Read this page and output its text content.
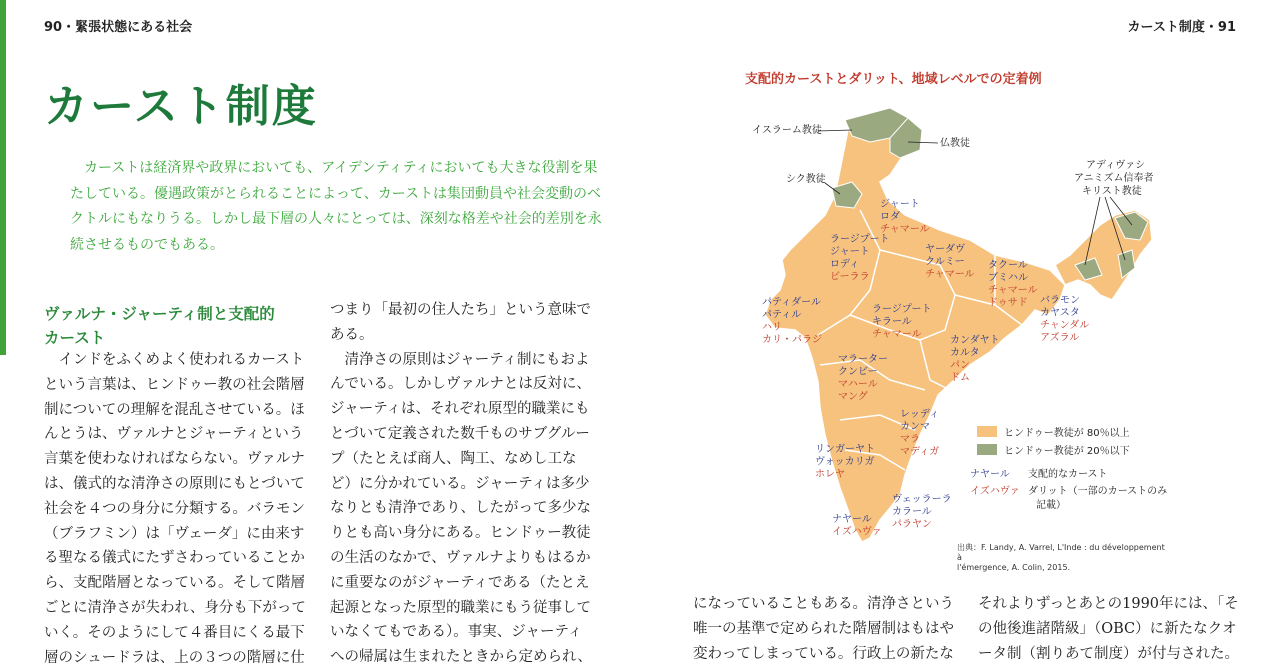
90・緊張状態にある社会	カースト制度・91
カースト制度
カーストは経済界や政界においても、アイデンティティにおいても大きな役割を果
たしている。優遇政策がとられることによって、カーストは集団動員や社会変動のベ
クトルにもなりうる。しかし最下層の人々にとっては、深刻な格差や社会的差別を永
続させるものでもある。
ヴァルナ・ジャーティ制と支配的
カースト
　インドをふくめよく使われるカースト
という言葉は、ヒンドゥー教の社会階層
制についての理解を混乱させている。ほ
んとうは、ヴァルナとジャーティという
言葉を使わなければならない。ヴァルナ
は、儀式的な清浄さの原則にもとづいて
社会を４つの身分に分類する。バラモン
（ブラフミン）は「ヴェーダ」に由来す
る聖なる儀式にたずさわっていることか
ら、支配階層となっている。そして階層
ごとに清浄さが失われ、身分も下がって
いく。そのようにして４番目にくる最下
層のシュードラは、上の３つの階層に仕
つまり「最初の住人たち」という意味で
ある。
　清浄さの原則はジャーティ制にもおよ
んでいる。しかしヴァルナとは反対に、
ジャーティは、それぞれ原型的職業にも
とづいて定義された数千ものサブグルー
プ（たとえば商人、陶工、なめし工な
ど）に分かれている。ジャーティは多少
なりとも清浄であり、したがって多少な
りとも高い身分にある。ヒンドゥー教徒
の生活のなかで、ヴァルナよりもはるか
に重要なのがジャーティである（たとえ
起源となった原型的職業にもう従事して
いなくてもである）。事実、ジャーティ
への帰属は生まれたときから定められ、
になっていることもある。清浄さという
唯一の基準で定められた階層制はもはや
変わってしまっている。行政上の新たな
それよりずっとあとの1990年には、「そ
の他後進諸階級」（OBC）に新たなクオ
ータ制（割りあて制度）が付与された。
支配的カーストとダリット、地域レベルでの定着例
イスラーム教徒
仏教徒
シク教徒
アディヴァシ
アニミズム信奉者
キリスト教徒
ジャート
ロダ
チャマール
ラージプート
ジャート
ロディ
ビーララ
ヤーダヴ
クルミー
チャマール
タクール
ブミハル
チャマール
ドゥサド バラモン
カヤスタ
チャンダル
アズラル
パティダール
パティル
ハリ
カリ・パラジ
ラージプート
キラール
チャマール
カンダヤト
カルタ
パン
ドム
マラーター
クンビー
マハール
マング
レッディ
カンマ
マラ
マディガ
リンガーヤト
ヴォッカリガ
ホレヤ
ヴェッラーラ
カラール
パラヤン
ナヤール
イズハヴァ
ヒンドゥー教徒が 80％以上
ヒンドゥー教徒が 20％以下
ナヤール 支配的なカースト
イズハヴァ ダリット（一部のカーストのみ
記載）
出典：F. Landy, A. Varrel, L'Inde : du développement à
l'émergence, A. Colin, 2015.
